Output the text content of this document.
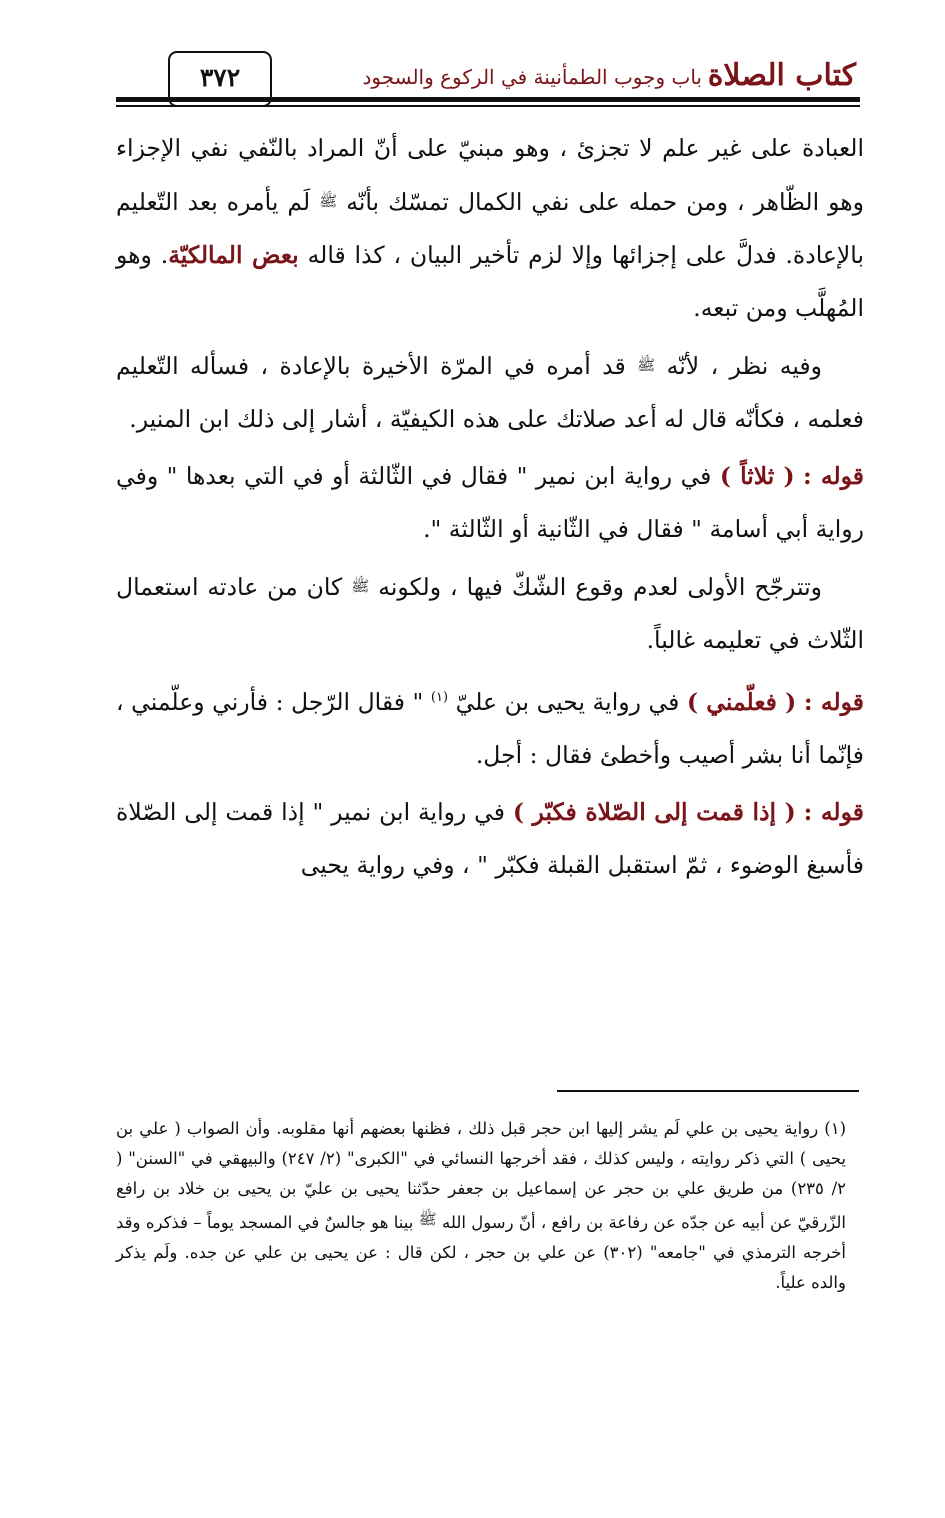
كتاب الصلاة
باب وجوب الطمأنينة في الركوع والسجود
٣٧٢

العبادة على غير علم لا تجزئ ، وهو مبنيّ على أنّ المراد بالنّفي نفي الإجزاء وهو الظّاهر ، ومن حمله على نفي الكمال تمسّك بأنّه ﷺ لَم يأمره بعد التّعليم بالإعادة. فدلَّ على إجزائها وإلا لزم تأخير البيان ، كذا قاله بعض المالكيّة. وهو المُهلَّب ومن تبعه.

وفيه نظر ، لأنّه ﷺ قد أمره في المرّة الأخيرة بالإعادة ، فسأله التّعليم فعلمه ، فكأنّه قال له أعد صلاتك على هذه الكيفيّة ، أشار إلى ذلك ابن المنير.

قوله : ( ثلاثاً ) في رواية ابن نمير " فقال في الثّالثة أو في التي بعدها " وفي رواية أبي أسامة " فقال في الثّانية أو الثّالثة ".

وتترجّح الأولى لعدم وقوع الشّكّ فيها ، ولكونه ﷺ كان من عادته استعمال الثّلاث في تعليمه غالباً.

قوله : ( فعلّمني ) في رواية يحيى بن عليّ $^{(١)}$ " فقال الرّجل : فأرني وعلّمني ، فإنّما أنا بشر أصيب وأخطئ فقال : أجل.

قوله : ( إذا قمت إلى الصّلاة فكبّر ) في رواية ابن نمير " إذا قمت إلى الصّلاة فأسبغ الوضوء ، ثمّ استقبل القبلة فكبّر " ، وفي رواية يحيى

(١) رواية يحيى بن علي لَم يشر إليها ابن حجر قبل ذلك ، فظنها بعضهم أنها مقلوبه. وأن الصواب ( علي بن يحيى ) التي ذكر روايته ، وليس كذلك ، فقد أخرجها النسائي في "الكبرى" (٢/ ٢٤٧) والبيهقي في "السنن" ( ٢/ ٢٣٥) من طريق علي بن حجر عن إسماعيل بن جعفر حدّثنا يحيى بن عليّ بن يحيى بن خلاد بن رافع الزّرقيّ عن أبيه عن جدّه عن رفاعة بن رافع ، أنّ رسول الله ﷺ بينا هو جالسٌ في المسجد يوماً – فذكره وقد أخرجه الترمذي في "جامعه" (٣٠٢) عن علي بن حجر ، لكن قال : عن يحيى بن علي عن جده. ولَم يذكر والده علياً.
